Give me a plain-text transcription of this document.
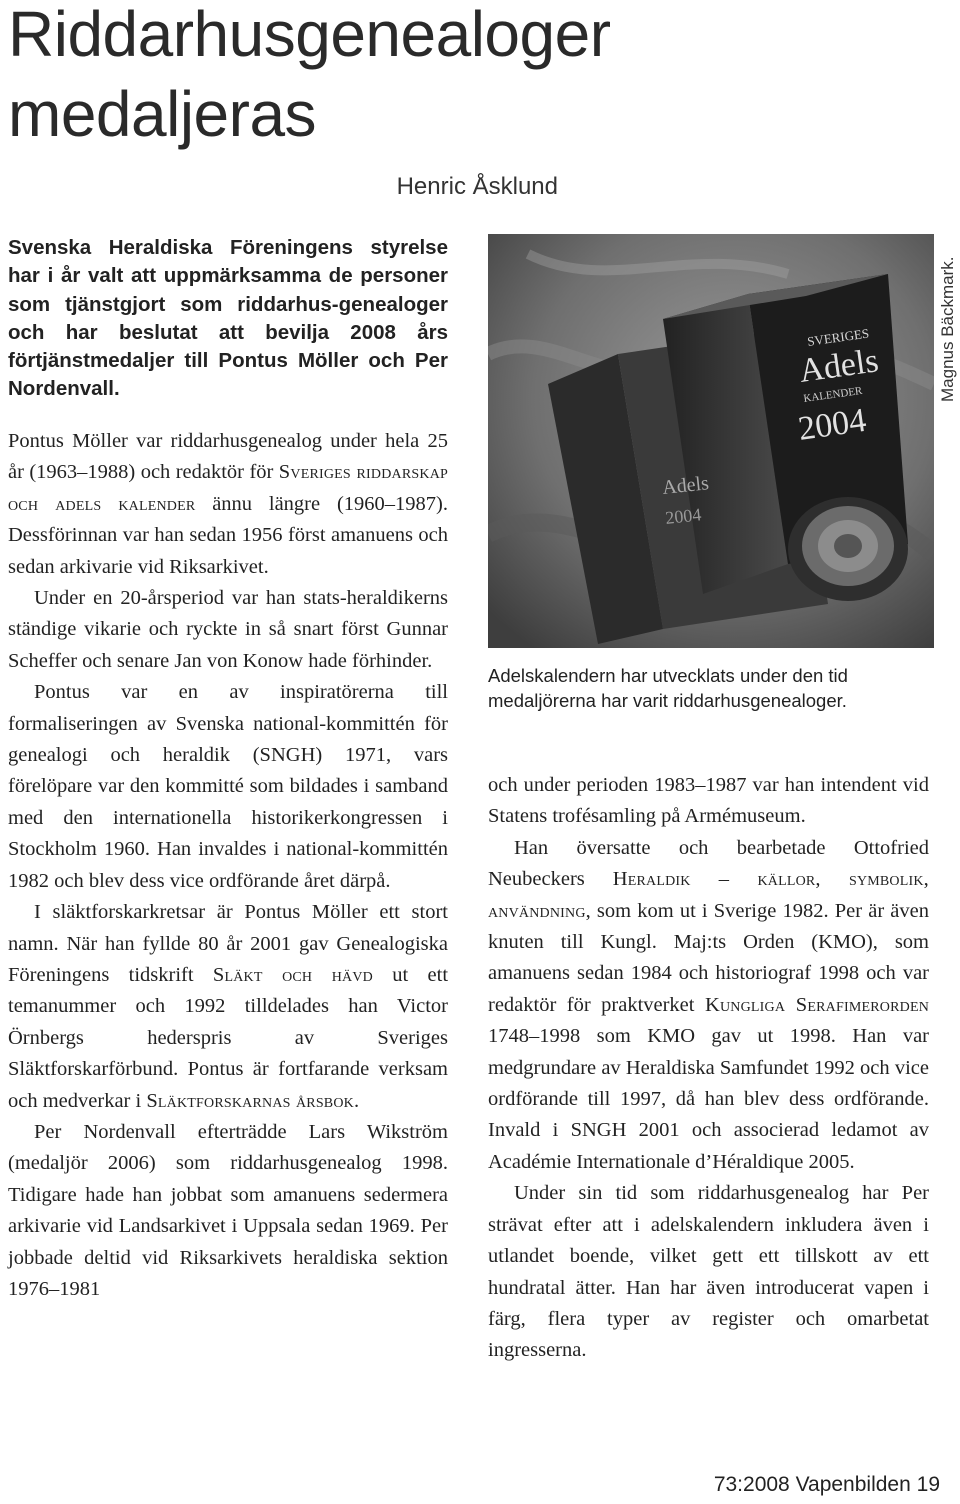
Riddarhusgenealoger
medaljeras
Henric Åsklund

Svenska Heraldiska Föreningens styrelse har i år valt att uppmärksamma de personer som tjänstgjort som riddarhus-genealoger och har beslutat att bevilja 2008 års förtjänstmedaljer till Pontus Möller och Per Nordenvall.

Pontus Möller var riddarhusgenealog under hela 25 år (1963–1988) och redaktör för Sveriges riddarskap och adels kalender ännu längre (1960–1987). Dessförinnan var han sedan 1956 först amanuens och sedan arkivarie vid Riksarkivet.

Under en 20-årsperiod var han stats-heraldikerns ständige vikarie och ryckte in så snart först Gunnar Scheffer och senare Jan von Konow hade förhinder.

Pontus var en av inspiratörerna till formaliseringen av Svenska national-kommittén för genealogi och heraldik (SNGH) 1971, vars förelöpare var den kommitté som bildades i samband med den internationella historikerkongressen i Stockholm 1960. Han invaldes i national-kommittén 1982 och blev dess vice ordförande året därpå.

I släktforskarkretsar är Pontus Möller ett stort namn. När han fyllde 80 år 2001 gav Genealogiska Föreningens tidskrift Släkt och hävd ut ett temanummer och 1992 tilldelades han Victor Örnbergs hederspris av Sveriges Släktforskarförbund. Pontus är fortfarande verksam och medverkar i Släktforskarnas årsbok.

Per Nordenvall efterträdde Lars Wikström (medaljör 2006) som riddarhusgenealog 1998. Tidigare hade han jobbat som amanuens sedermera arkivarie vid Landsarkivet i Uppsala sedan 1969. Per jobbade deltid vid Riksarkivets heraldiska sektion 1976–1981

SVERIGES
Adels
KALENDER
2004
Adels
2004
Magnus Bäckmark.

Adelskalendern har utvecklats under den tid medaljörerna har varit riddarhusgenealoger.

och under perioden 1983–1987 var han intendent vid Statens trofésamling på Armémuseum.

Han översatte och bearbetade Ottofried Neubeckers Heraldik – källor, symbolik, användning, som kom ut i Sverige 1982. Per är även knuten till Kungl. Maj:ts Orden (KMO), som amanuens sedan 1984 och historiograf 1998 och var redaktör för praktverket Kungliga Serafimerorden 1748–1998 som KMO gav ut 1998. Han var medgrundare av Heraldiska Samfundet 1992 och vice ordförande till 1997, då han blev dess ordförande. Invald i SNGH 2001 och associerad ledamot av Académie Internationale d’Héraldique 2005.

Under sin tid som riddarhusgenealog har Per strävat efter att i adelskalendern inkludera även i utlandet boende, vilket gett ett tillskott av ett hundratal ätter. Han har även introducerat vapen i färg, flera typer av register och omarbetat ingresserna.

73:2008 Vapenbilden 19
